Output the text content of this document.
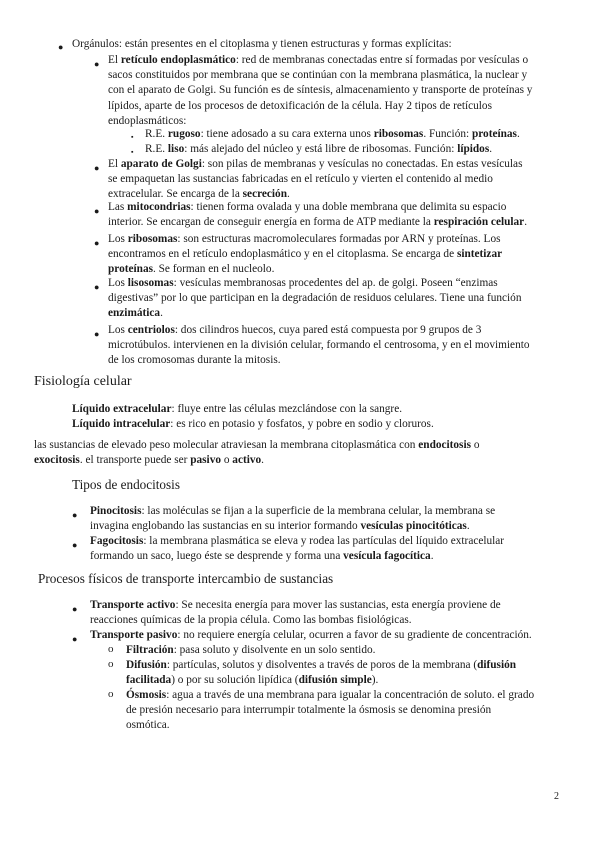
● Orgánulos: están presentes en el citoplasma y tienen estructuras y formas explícitas:

● El retículo endoplasmático: red de membranas conectadas entre sí formadas por vesículas o

sacos constituidos por membrana que se continúan con la membrana plasmática, la nuclear y

con el aparato de Golgi. Su función es de síntesis, almacenamiento y transporte de proteínas y

lípidos, aparte de los procesos de detoxificación de la célula. Hay 2 tipos de retículos

endoplasmáticos:

▪ R.E. rugoso: tiene adosado a su cara externa unos ribosomas. Función: proteínas.

▪ R.E. liso: más alejado del núcleo y está libre de ribosomas. Función: lípidos.

● El aparato de Golgi: son pilas de membranas y vesículas no conectadas. En estas vesículas

se empaquetan las sustancias fabricadas en el retículo y vierten el contenido al medio

extracelular. Se encarga de la secreción.

● Las mitocondrias: tienen forma ovalada y una doble membrana que delimita su espacio

interior. Se encargan de conseguir energía en forma de ATP mediante la respiración celular.

● Los ribosomas: son estructuras macromoleculares formadas por ARN y proteínas. Los

encontramos en el retículo endoplasmático y en el citoplasma. Se encarga de sintetizar

proteínas. Se forman en el nucleolo.

● Los lisosomas: vesículas membranosas procedentes del ap. de golgi. Poseen “enzimas

digestivas” por lo que participan en la degradación de residuos celulares. Tiene una función

enzimática.

● Los centriolos: dos cilindros huecos, cuya pared está compuesta por 9 grupos de 3

microtúbulos. intervienen en la división celular, formando el centrosoma, y en el movimiento

de los cromosomas durante la mitosis.

Fisiología celular

Líquido extracelular: fluye entre las células mezclándose con la sangre.

Líquido intracelular: es rico en potasio y fosfatos, y pobre en sodio y cloruros.

las sustancias de elevado peso molecular atraviesan la membrana citoplasmática con endocitosis o

exocitosis. el transporte puede ser pasivo o activo.

Tipos de endocitosis
● Pinocitosis: las moléculas se fijan a la superficie de la membrana celular, la membrana se

invagina englobando las sustancias en su interior formando vesículas pinocitóticas.

● Fagocitosis: la membrana plasmática se eleva y rodea las partículas del líquido extracelular

formando un saco, luego éste se desprende y forma una vesícula fagocítica.

Procesos físicos de transporte intercambio de sustancias
● Transporte activo: Se necesita energía para mover las sustancias, esta energía proviene de

reacciones químicas de la propia célula. Como las bombas fisiológicas.

● Transporte pasivo: no requiere energía celular, ocurren a favor de su gradiente de concentración.

o Filtración: pasa soluto y disolvente en un solo sentido.

o Difusión: partículas, solutos y disolventes a través de poros de la membrana (difusión

facilitada) o por su solución lipídica (difusión simple).

o Ósmosis: agua a través de una membrana para igualar la concentración de soluto. el grado

de presión necesario para interrumpir totalmente la ósmosis se denomina presión

osmótica.

2
